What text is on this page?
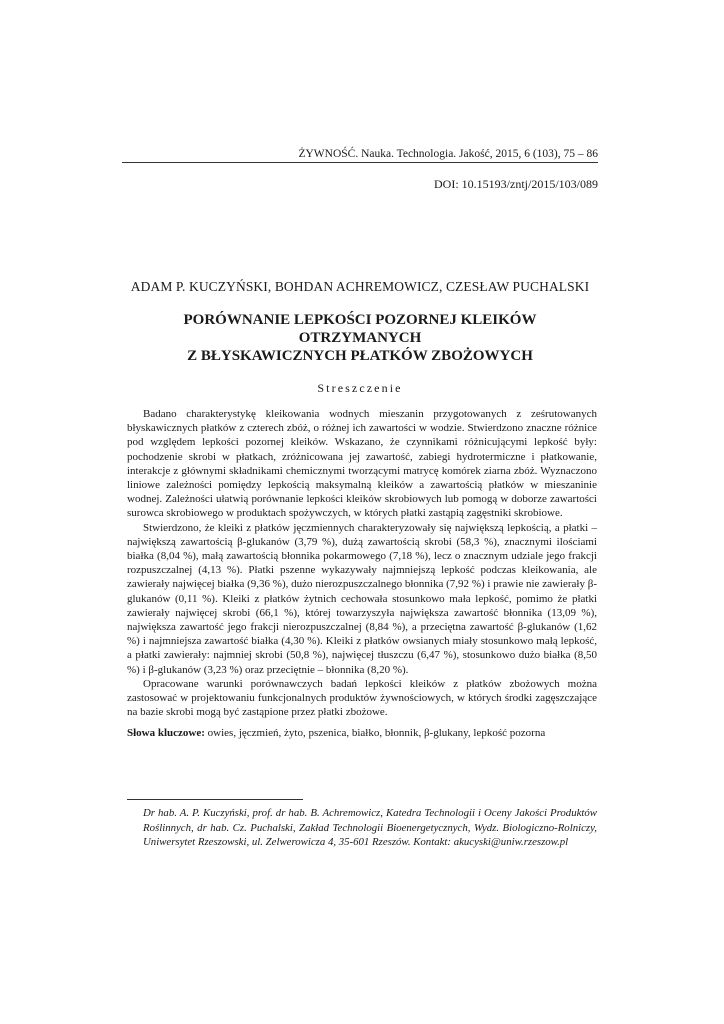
ŻYWNOŚĆ. Nauka. Technologia. Jakość, 2015, 6 (103), 75 – 86
DOI: 10.15193/zntj/2015/103/089
ADAM P. KUCZYŃSKI, BOHDAN ACHREMOWICZ, CZESŁAW PUCHALSKI
PORÓWNANIE LEPKOŚCI POZORNEJ KLEIKÓW OTRZYMANYCH
Z BŁYSKAWICZNYCH PŁATKÓW ZBOŻOWYCH
Streszczenie

Badano charakterystykę kleikowania wodnych mieszanin przygotowanych z ześrutowanych błyskawicznych płatków z czterech zbóż, o różnej ich zawartości w wodzie. Stwierdzono znaczne różnice pod względem lepkości pozornej kleików. Wskazano, że czynnikami różnicującymi lepkość były: pochodzenie skrobi w płatkach, zróżnicowana jej zawartość, zabiegi hydrotermiczne i płatkowanie, interakcje z głównymi składnikami chemicznymi tworzącymi matrycę komórek ziarna zbóż. Wyznaczono liniowe zależności pomiędzy lepkością maksymalną kleików a zawartością płatków w mieszaninie wodnej. Zależności ułatwią porównanie lepkości kleików skrobiowych lub pomogą w doborze zawartości surowca skrobiowego w produktach spożywczych, w których płatki zastąpią zagęstniki skrobiowe.

Stwierdzono, że kleiki z płatków jęczmiennych charakteryzowały się największą lepkością, a płatki – największą zawartością β-glukanów (3,79 %), dużą zawartością skrobi (58,3 %), znacznymi ilościami białka (8,04 %), małą zawartością błonnika pokarmowego (7,18 %), lecz o znacznym udziale jego frakcji rozpuszczalnej (4,13 %). Płatki pszenne wykazywały najmniejszą lepkość podczas kleikowania, ale zawierały najwięcej białka (9,36 %), dużo nierozpuszczalnego błonnika (7,92 %) i prawie nie zawierały β-glukanów (0,11 %). Kleiki z płatków żytnich cechowała stosunkowo mała lepkość, pomimo że płatki zawierały najwięcej skrobi (66,1 %), której towarzyszyła największa zawartość błonnika (13,09 %), największa zawartość jego frakcji nierozpuszczalnej (8,84 %), a przeciętna zawartość β-glukanów (1,62 %) i najmniejsza zawartość białka (4,30 %). Kleiki z płatków owsianych miały stosunkowo małą lepkość, a płatki zawierały: najmniej skrobi (50,8 %), najwięcej tłuszczu (6,47 %), stosunkowo dużo białka (8,50 %) i β-glukanów (3,23 %) oraz przeciętnie – błonnika (8,20 %).

Opracowane warunki porównawczych badań lepkości kleików z płatków zbożowych można zastosować w projektowaniu funkcjonalnych produktów żywnościowych, w których środki zagęszczające na bazie skrobi mogą być zastąpione przez płatki zbożowe.

Słowa kluczowe: owies, jęczmień, żyto, pszenica, białko, błonnik, β-glukany, lepkość pozorna
Dr hab. A. P. Kuczyński, prof. dr hab. B. Achremowicz, Katedra Technologii i Oceny Jakości Produktów Roślinnych, dr hab. Cz. Puchalski, Zakład Technologii Bioenergetycznych, Wydz. Biologiczno-Rolniczy, Uniwersytet Rzeszowski, ul. Zelwerowicza 4, 35-601 Rzeszów. Kontakt: akucyski@uniw.rzeszow.pl
